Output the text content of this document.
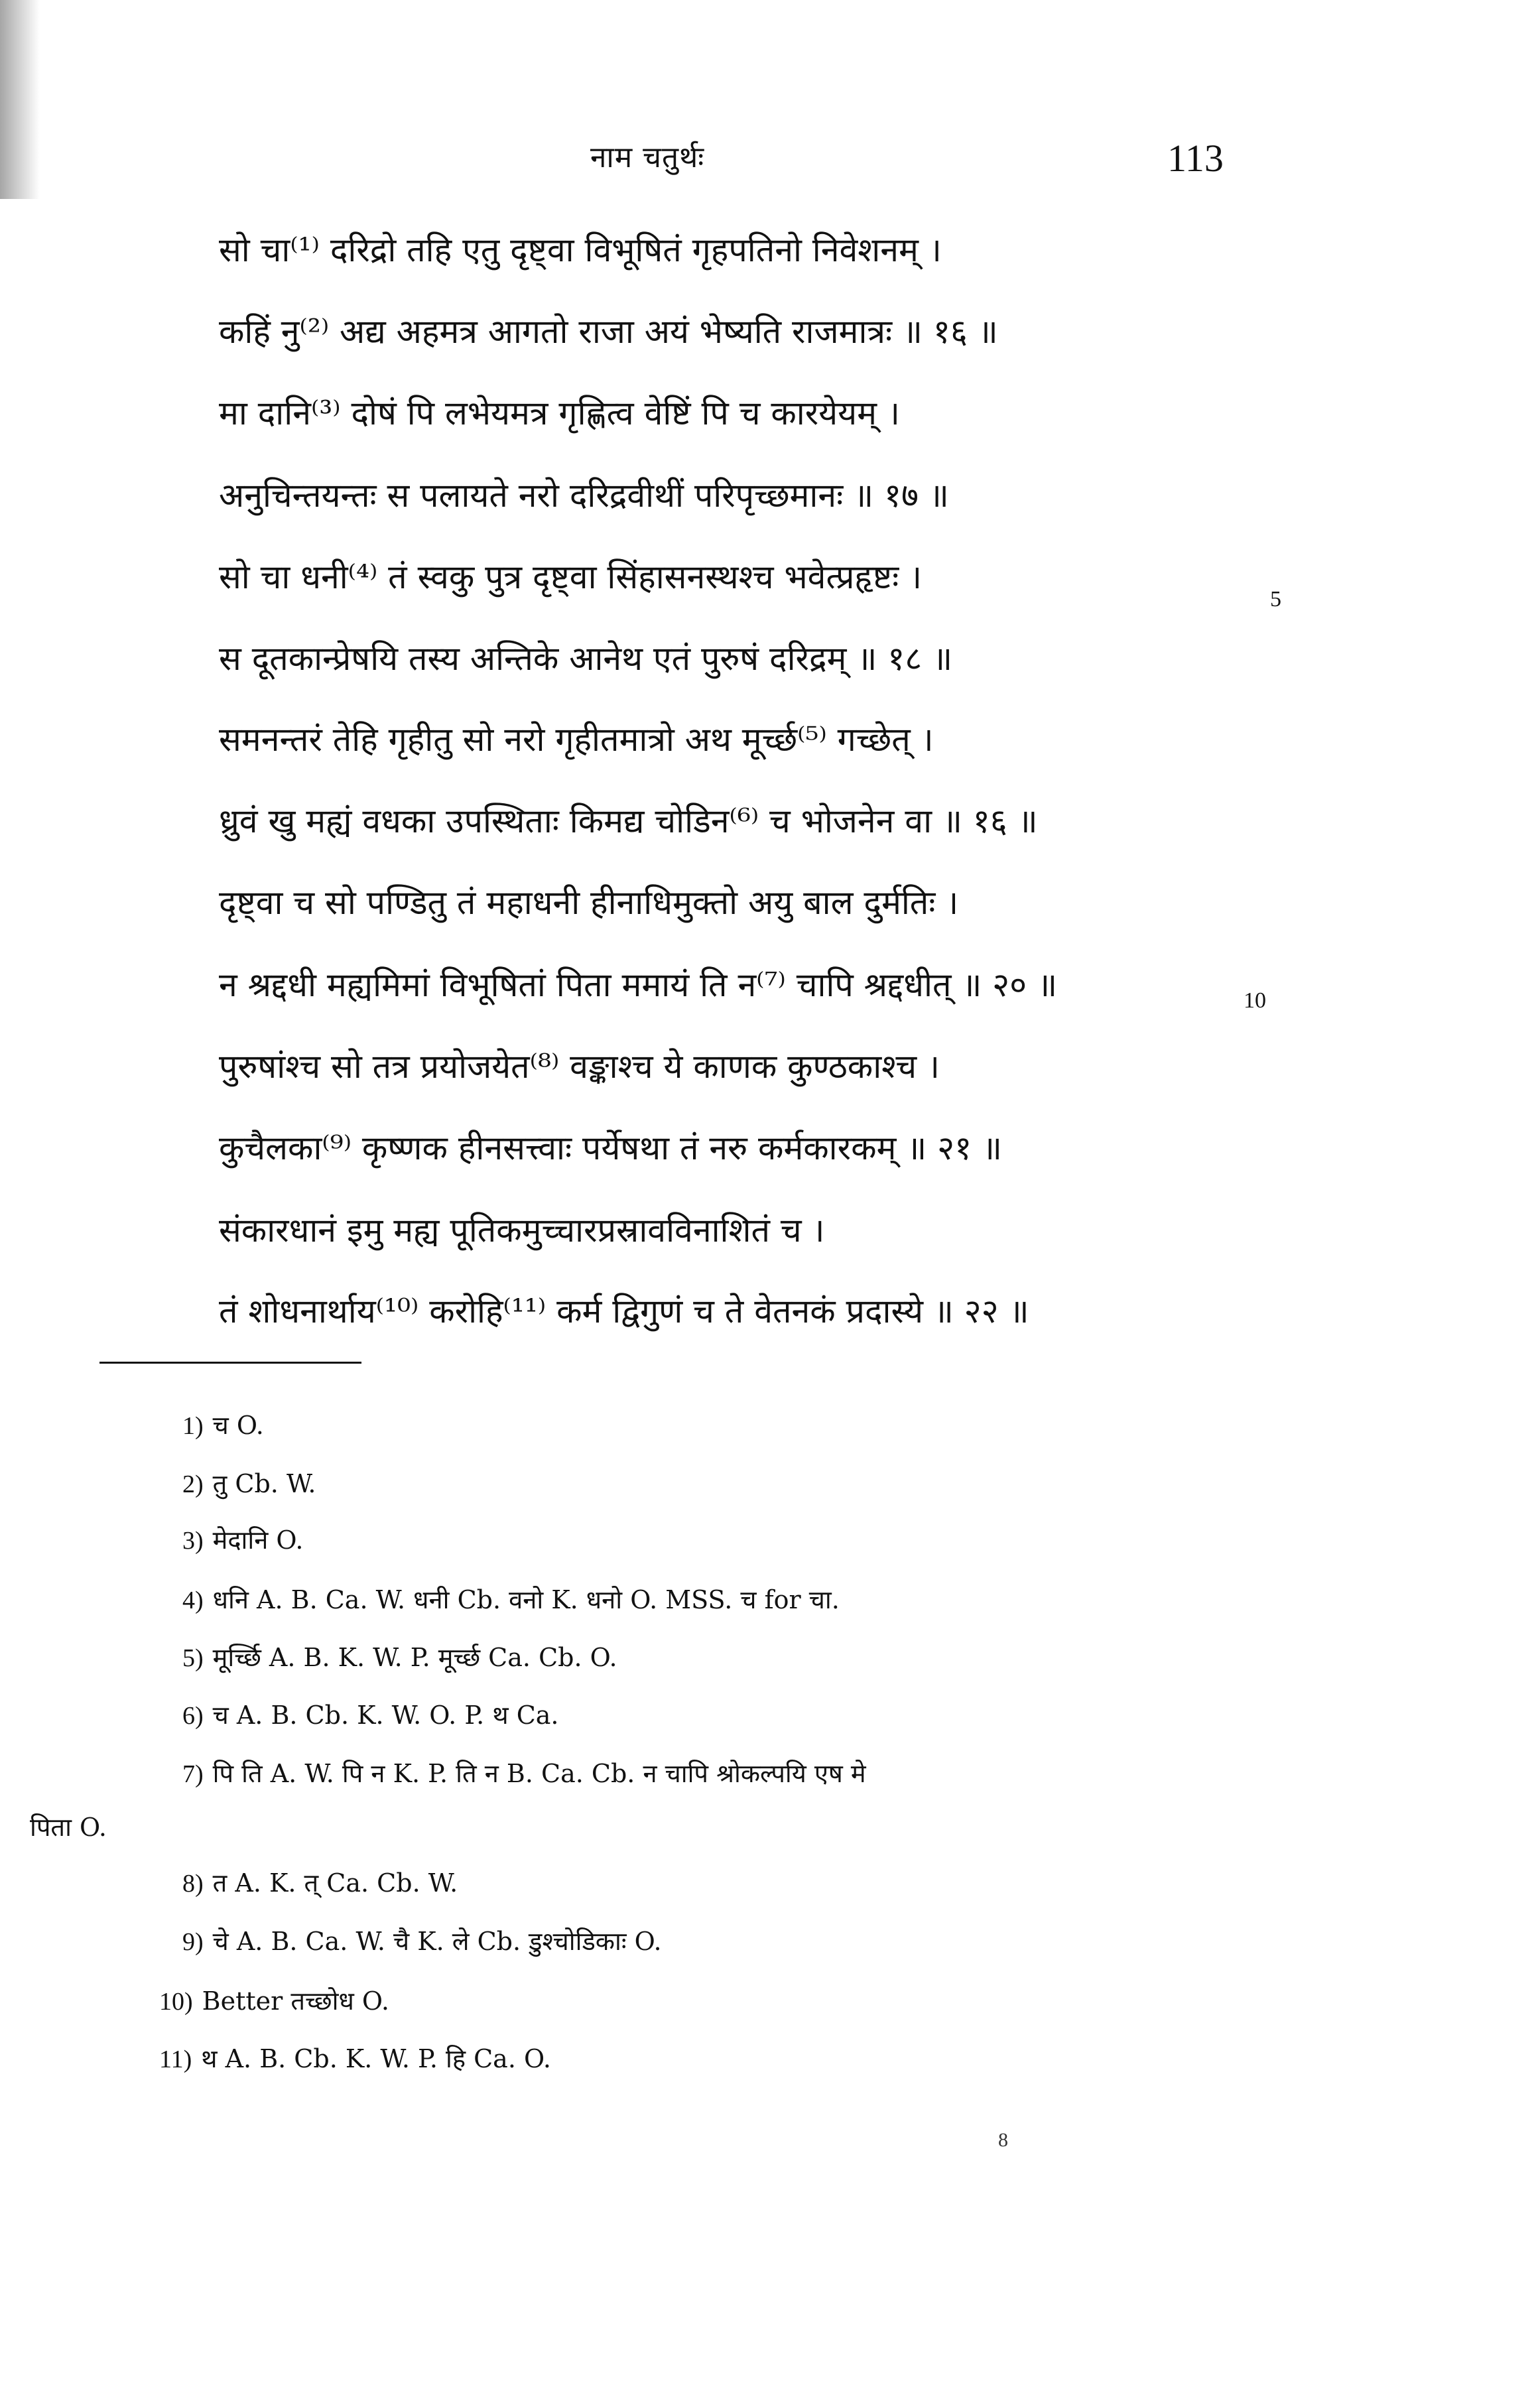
नाम चतुर्थः	113
सो चा⁽¹⁾ दरिद्रो तहि एतु दृष्ट्वा विभूषितं गृहपतिनो निवेशनम् ।
कहिं नु⁽²⁾ अद्य अहमत्र आगतो राजा अयं भेष्यति राजमात्रः ॥ १६ ॥
मा दानि⁽³⁾ दोषं पि लभेयमत्र गृह्णित्व वेष्टिं पि च कारयेयम् ।
अनुचिन्तयन्तः स पलायते नरो दरिद्रवीथीं परिपृच्छमानः ॥ १७ ॥
सो चा धनी⁽⁴⁾ तं स्वकु पुत्र दृष्ट्वा सिंहासनस्थश्च भवेत्प्रहृष्टः ।
स दूतकान्प्रेषयि तस्य अन्तिके आनेथ एतं पुरुषं दरिद्रम् ॥ १८ ॥
समनन्तरं तेहि गृहीतु सो नरो गृहीतमात्रो अथ मूर्च्छ⁽⁵⁾ गच्छेत् ।
ध्रुवं खु मह्यं वधका उपस्थिताः किमद्य चोडिन⁽⁶⁾ च भोजनेन वा ॥ १६ ॥
दृष्ट्वा च सो पण्डितु तं महाधनी हीनाधिमुक्तो अयु बाल दुर्मतिः ।
न श्रद्दधी मह्यमिमां विभूषितां पिता ममायं ति न⁽⁷⁾ चापि श्रद्दधीत् ॥ २० ॥
पुरुषांश्च सो तत्र प्रयोजयेत⁽⁸⁾ वङ्काश्च ये काणक कुण्ठकाश्च ।
कुचैलका⁽⁹⁾ कृष्णक हीनसत्त्वाः पर्येषथा तं नरु कर्मकारकम् ॥ २१ ॥
संकारधानं इमु मह्य पूतिकमुच्चारप्रस्रावविनाशितं च ।
तं शोधनार्थाय⁽¹⁰⁾ करोहि⁽¹¹⁾ कर्म द्विगुणं च ते वेतनकं प्रदास्ये ॥ २२ ॥
5
10
1) च O.
2) तु Cb. W.
3) मेदानि O.
4) धनि A. B. Ca. W. धनी Cb. वनो K. धनो O. MSS. च for चा.
5) मूर्च्छि A. B. K. W. P. मूर्च्छ Ca. Cb. O.
6) च A. B. Cb. K. W. O. P. थ Ca.
7) पि ति A. W. पि न K. P. ति न B. Ca. Cb. न चापि श्रोकल्पयि एष मे
पिता O.
8) त A. K. त् Ca. Cb. W.
9) चे A. B. Ca. W. चै K. ले Cb. डुश्चोडिकाः O.
10) Better तच्छोध O.
11) थ A. B. Cb. K. W. P. हि Ca. O.
8
